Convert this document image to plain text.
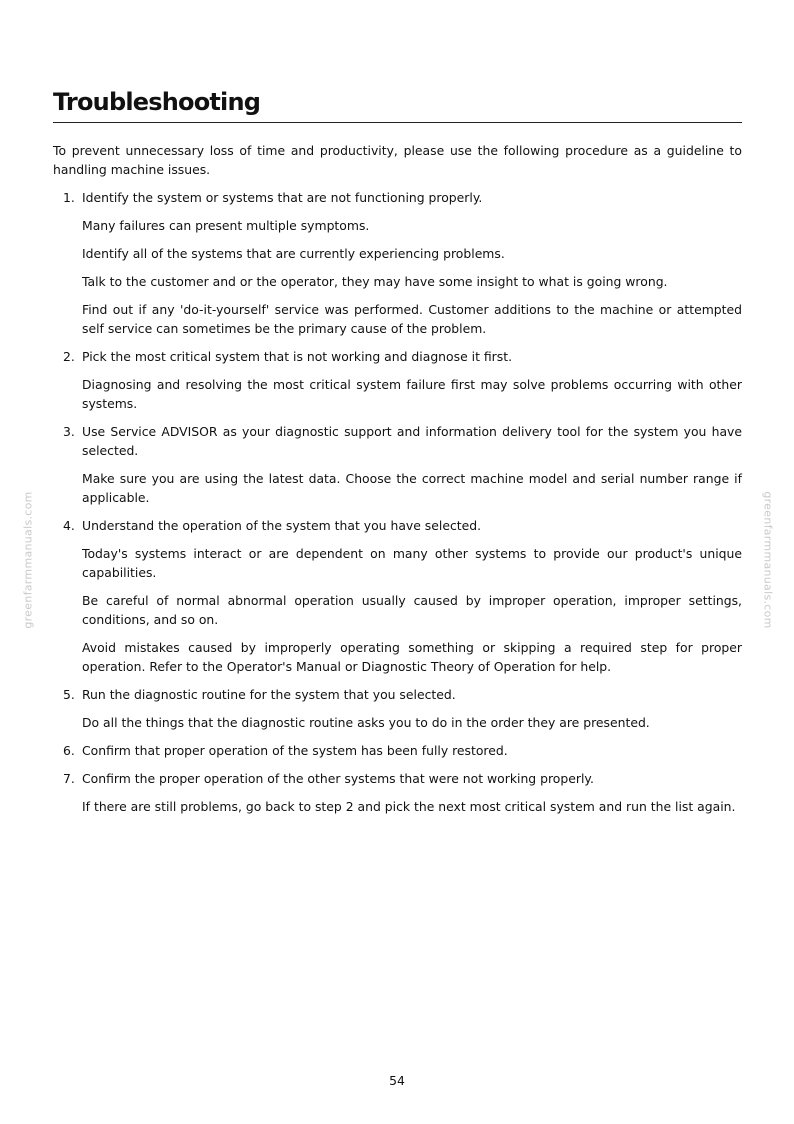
Troubleshooting

To prevent unnecessary loss of time and productivity, please use the following procedure as a guideline to handling machine issues.

1. Identify the system or systems that are not functioning properly.

Many failures can present multiple symptoms.

Identify all of the systems that are currently experiencing problems.

Talk to the customer and or the operator, they may have some insight to what is going wrong.

Find out if any 'do-it-yourself' service was performed. Customer additions to the machine or attempted self service can sometimes be the primary cause of the problem.

2. Pick the most critical system that is not working and diagnose it first.

Diagnosing and resolving the most critical system failure first may solve problems occurring with other systems.

3. Use Service ADVISOR as your diagnostic support and information delivery tool for the system you have selected.

Make sure you are using the latest data. Choose the correct machine model and serial number range if applicable.

4. Understand the operation of the system that you have selected.

Today's systems interact or are dependent on many other systems to provide our product's unique capabilities.

Be careful of normal abnormal operation usually caused by improper operation, improper settings, conditions, and so on.

Avoid mistakes caused by improperly operating something or skipping a required step for proper operation. Refer to the Operator's Manual or Diagnostic Theory of Operation for help.

5. Run the diagnostic routine for the system that you selected.

Do all the things that the diagnostic routine asks you to do in the order they are presented.

6. Confirm that proper operation of the system has been fully restored.

7. Confirm the proper operation of the other systems that were not working properly.

If there are still problems, go back to step 2 and pick the next most critical system and run the list again.

greenfarmmanuals.com	greenfarmmanuals.com
54
